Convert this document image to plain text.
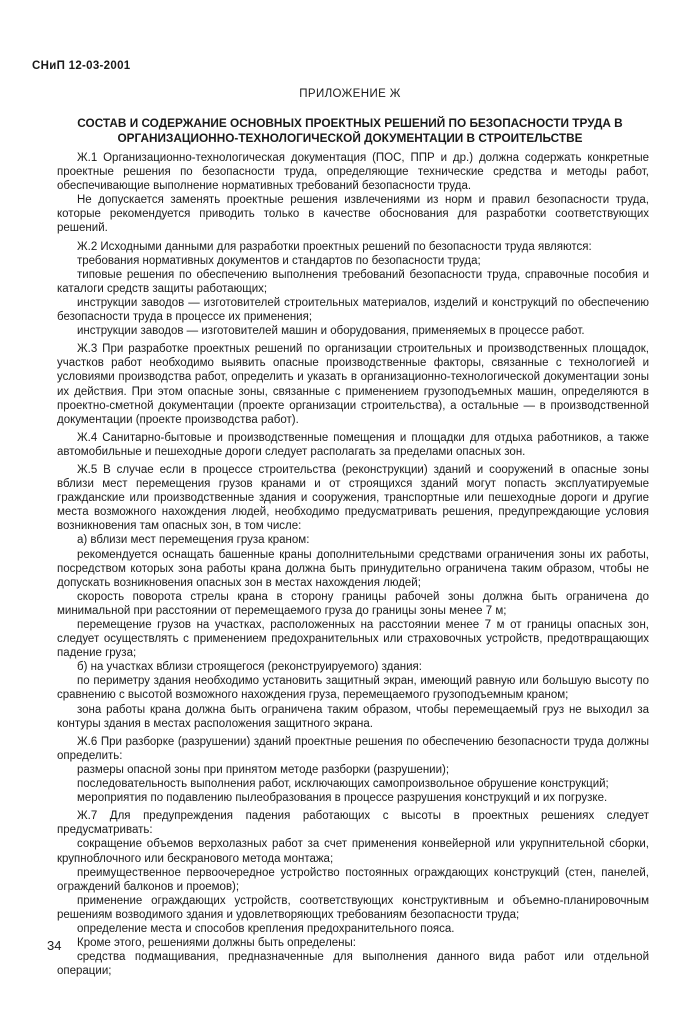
СНиП 12-03-2001
ПРИЛОЖЕНИЕ Ж
СОСТАВ И СОДЕРЖАНИЕ ОСНОВНЫХ ПРОЕКТНЫХ РЕШЕНИЙ ПО БЕЗОПАСНОСТИ ТРУДА В ОРГАНИЗАЦИОННО-ТЕХНОЛОГИЧЕСКОЙ ДОКУМЕНТАЦИИ В СТРОИТЕЛЬСТВЕ

Ж.1 Организационно-технологическая документация (ПОС, ППР и др.) должна содержать конкретные проектные решения по безопасности труда, определяющие технические средства и методы работ, обеспечивающие выполнение нормативных требований безопасности труда.

Не допускается заменять проектные решения извлечениями из норм и правил безопасности труда, которые рекомендуется приводить только в качестве обоснования для разработки соответствующих решений.

Ж.2 Исходными данными для разработки проектных решений по безопасности труда являются:

требования нормативных документов и стандартов по безопасности труда;

типовые решения по обеспечению выполнения требований безопасности труда, справочные пособия и каталоги средств защиты работающих;

инструкции заводов — изготовителей строительных материалов, изделий и конструкций по обеспечению безопасности труда в процессе их применения;

инструкции заводов — изготовителей машин и оборудования, применяемых в процессе работ.

Ж.3 При разработке проектных решений по организации строительных и производственных площадок, участков работ необходимо выявить опасные производственные факторы, связанные с технологией и условиями производства работ, определить и указать в организационно-технологической документации зоны их действия. При этом опасные зоны, связанные с применением грузоподъемных машин, определяются в проектно-сметной документации (проекте организации строительства), а остальные — в производственной документации (проекте производства работ).

Ж.4 Санитарно-бытовые и производственные помещения и площадки для отдыха работников, а также автомобильные и пешеходные дороги следует располагать за пределами опасных зон.

Ж.5 В случае если в процессе строительства (реконструкции) зданий и сооружений в опасные зоны вблизи мест перемещения грузов кранами и от строящихся зданий могут попасть эксплуатируемые гражданские или производственные здания и сооружения, транспортные или пешеходные дороги и другие места возможного нахождения людей, необходимо предусматривать решения, предупреждающие условия возникновения там опасных зон, в том числе:

а) вблизи мест перемещения груза краном:

рекомендуется оснащать башенные краны дополнительными средствами ограничения зоны их работы, посредством которых зона работы крана должна быть принудительно ограничена таким образом, чтобы не допускать возникновения опасных зон в местах нахождения людей;

скорость поворота стрелы крана в сторону границы рабочей зоны должна быть ограничена до минимальной при расстоянии от перемещаемого груза до границы зоны менее 7 м;

перемещение грузов на участках, расположенных на расстоянии менее 7 м от границы опасных зон, следует осуществлять с применением предохранительных или страховочных устройств, предотвращающих падение груза;

б) на участках вблизи строящегося (реконструируемого) здания:

по периметру здания необходимо установить защитный экран, имеющий равную или большую высоту по сравнению с высотой возможного нахождения груза, перемещаемого грузоподъемным краном;

зона работы крана должна быть ограничена таким образом, чтобы перемещаемый груз не выходил за контуры здания в местах расположения защитного экрана.

Ж.6 При разборке (разрушении) зданий проектные решения по обеспечению безопасности труда должны определить:

размеры опасной зоны при принятом методе разборки (разрушении);

последовательность выполнения работ, исключающих самопроизвольное обрушение конструкций;

мероприятия по подавлению пылеобразования в процессе разрушения конструкций и их погрузке.

Ж.7 Для предупреждения падения работающих с высоты в проектных решениях следует предусматривать:

сокращение объемов верхолазных работ за счет применения конвейерной или укрупнительной сборки, крупноблочного или бескранового метода монтажа;

преимущественное первоочередное устройство постоянных ограждающих конструкций (стен, панелей, ограждений балконов и проемов);

применение ограждающих устройств, соответствующих конструктивным и объемно-планировочным решениям возводимого здания и удовлетворяющих требованиям безопасности труда;

определение места и способов крепления предохранительного пояса.

Кроме этого, решениями должны быть определены:

средства подмащивания, предназначенные для выполнения данного вида работ или отдельной операции;

34
